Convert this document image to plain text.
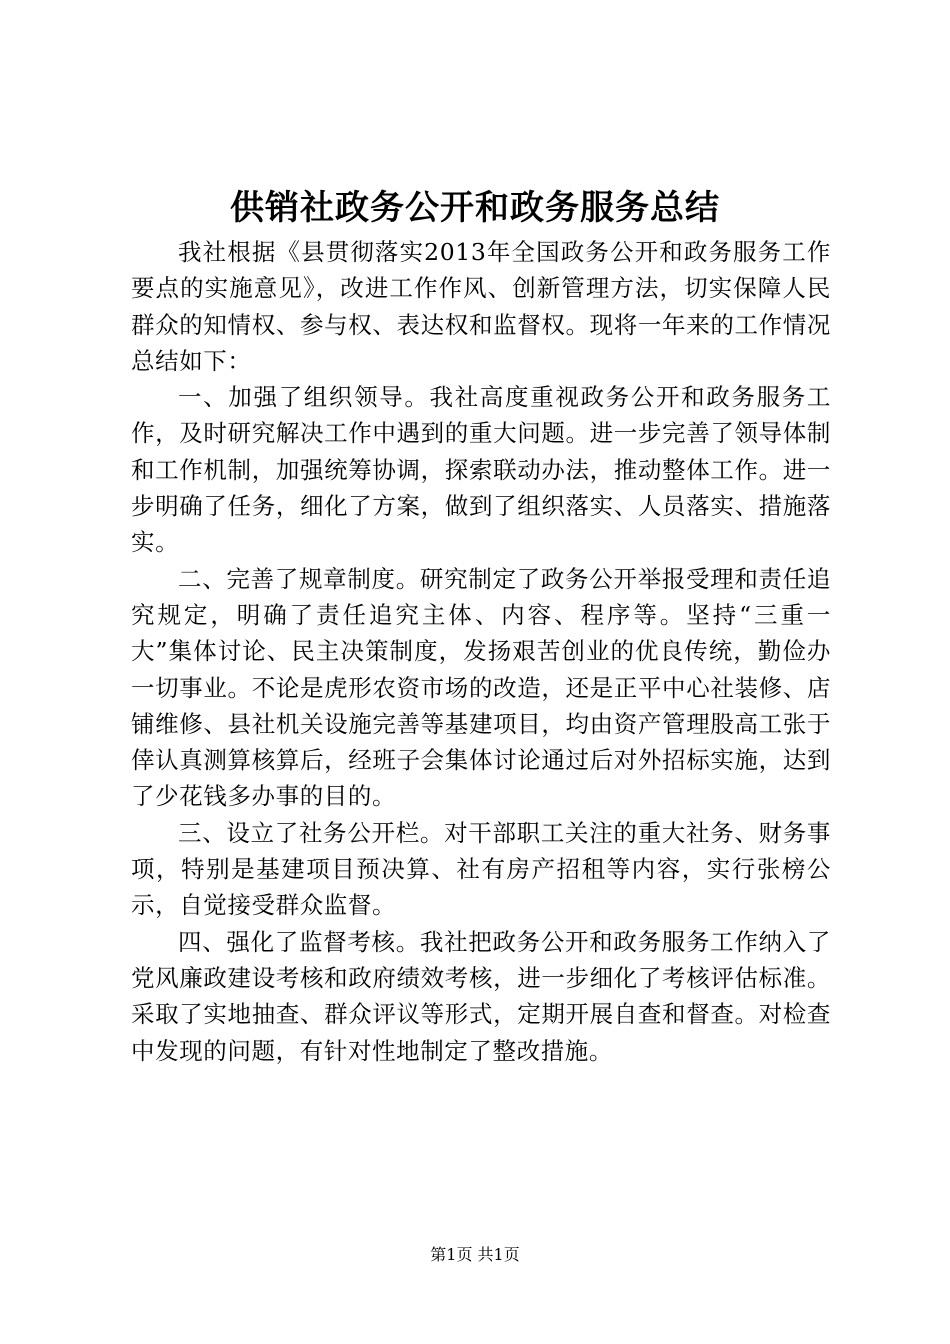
供销社政务公开和政务服务总结

我社根据《县贯彻落实2013年全国政务公开和政务服务工作要点的实施意见》，改进工作作风、创新管理方法，切实保障人民群众的知情权、参与权、表达权和监督权。现将一年来的工作情况总结如下：

一、加强了组织领导。我社高度重视政务公开和政务服务工作，及时研究解决工作中遇到的重大问题。进一步完善了领导体制和工作机制，加强统筹协调，探索联动办法，推动整体工作。进一步明确了任务，细化了方案，做到了组织落实、人员落实、措施落实。

二、完善了规章制度。研究制定了政务公开举报受理和责任追究规定，明确了责任追究主体、内容、程序等。坚持“三重一大”集体讨论、民主决策制度，发扬艰苦创业的优良传统，勤俭办一切事业。不论是虎形农资市场的改造，还是正平中心社装修、店铺维修、县社机关设施完善等基建项目，均由资产管理股高工张于倖认真测算核算后，经班子会集体讨论通过后对外招标实施，达到了少花钱多办事的目的。

三、设立了社务公开栏。对干部职工关注的重大社务、财务事项，特别是基建项目预决算、社有房产招租等内容，实行张榜公示，自觉接受群众监督。

四、强化了监督考核。我社把政务公开和政务服务工作纳入了党风廉政建设考核和政府绩效考核，进一步细化了考核评估标准。采取了实地抽查、群众评议等形式，定期开展自查和督查。对检查中发现的问题，有针对性地制定了整改措施。

第1页 共1页
